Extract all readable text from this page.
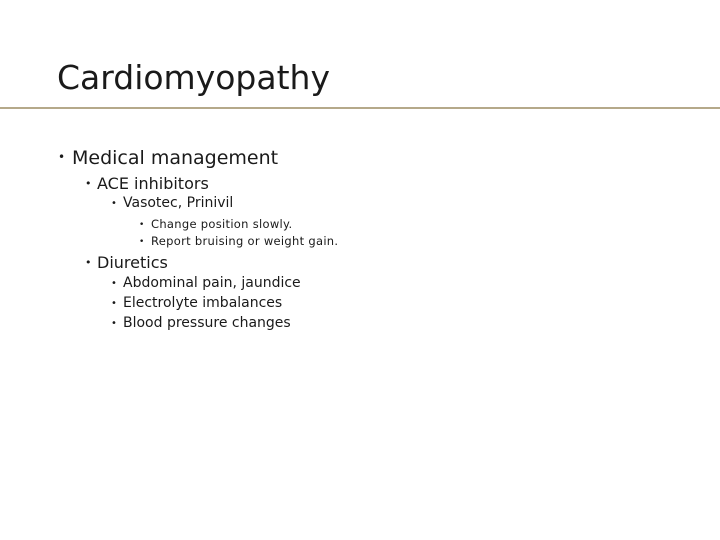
Cardiomyopathy
• Medical management
• ACE inhibitors
• Vasotec, Prinivil
• Change position slowly.
• Report bruising or weight gain.
• Diuretics
• Abdominal pain, jaundice
• Electrolyte imbalances
• Blood pressure changes
